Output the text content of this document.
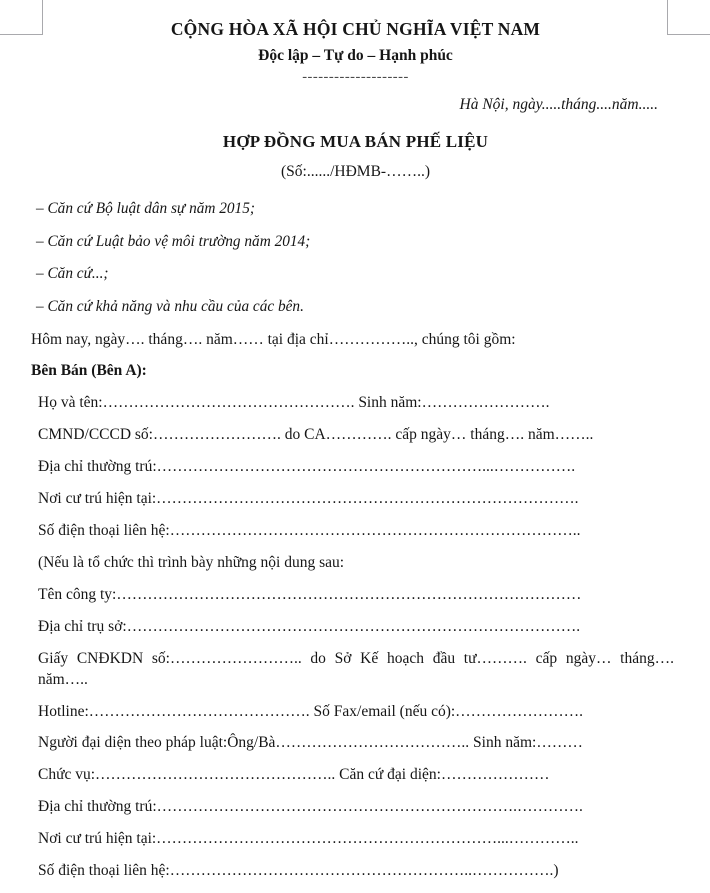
CỘNG HÒA XÃ HỘI CHỦ NGHĨA VIỆT NAM
Độc lập – Tự do – Hạnh phúc
--------------------
Hà Nội, ngày.....tháng....năm.....
HỢP ĐỒNG MUA BÁN PHẾ LIỆU
(Số:....../HĐMB-……..)
– Căn cứ Bộ luật dân sự năm 2015;
– Căn cứ Luật bảo vệ môi trường năm 2014;
– Căn cứ...;
– Căn cứ khả năng và nhu cầu của các bên.

Hôm nay, ngày…. tháng…. năm…… tại địa chỉ…………….., chúng tôi gồm:

Bên Bán (Bên A):

Họ và tên:…………………………………………. Sinh năm:…………………….

CMND/CCCD số:……………………. do CA…………. cấp ngày… tháng…. năm……..

Địa chỉ thường trú:………………………………………………………...…………….

Nơi cư trú hiện tại:……………………………………………………………………….

Số điện thoại liên hệ:……………………………………………………………………..

(Nếu là tổ chức thì trình bày những nội dung sau:

Tên công ty:………………………………………………………………………………

Địa chỉ trụ sở:…………………………………………………………………………….

Giấy CNĐKDN số:…………………….. do Sở Kế hoạch đầu tư………. cấp ngày… tháng…. năm…..

Hotline:……………………………………. Số Fax/email (nếu có):…………………….

Người đại diện theo pháp luật:Ông/Bà……………………………….. Sinh năm:………

Chức vụ:……………………………………….. Căn cứ đại diện:…………………

Địa chỉ thường trú:…………………………………………………………….………….

Nơi cư trú hiện tại:…………………………………………………………...…………..

Số điện thoại liên hệ:…………………………………………………..…………….)
